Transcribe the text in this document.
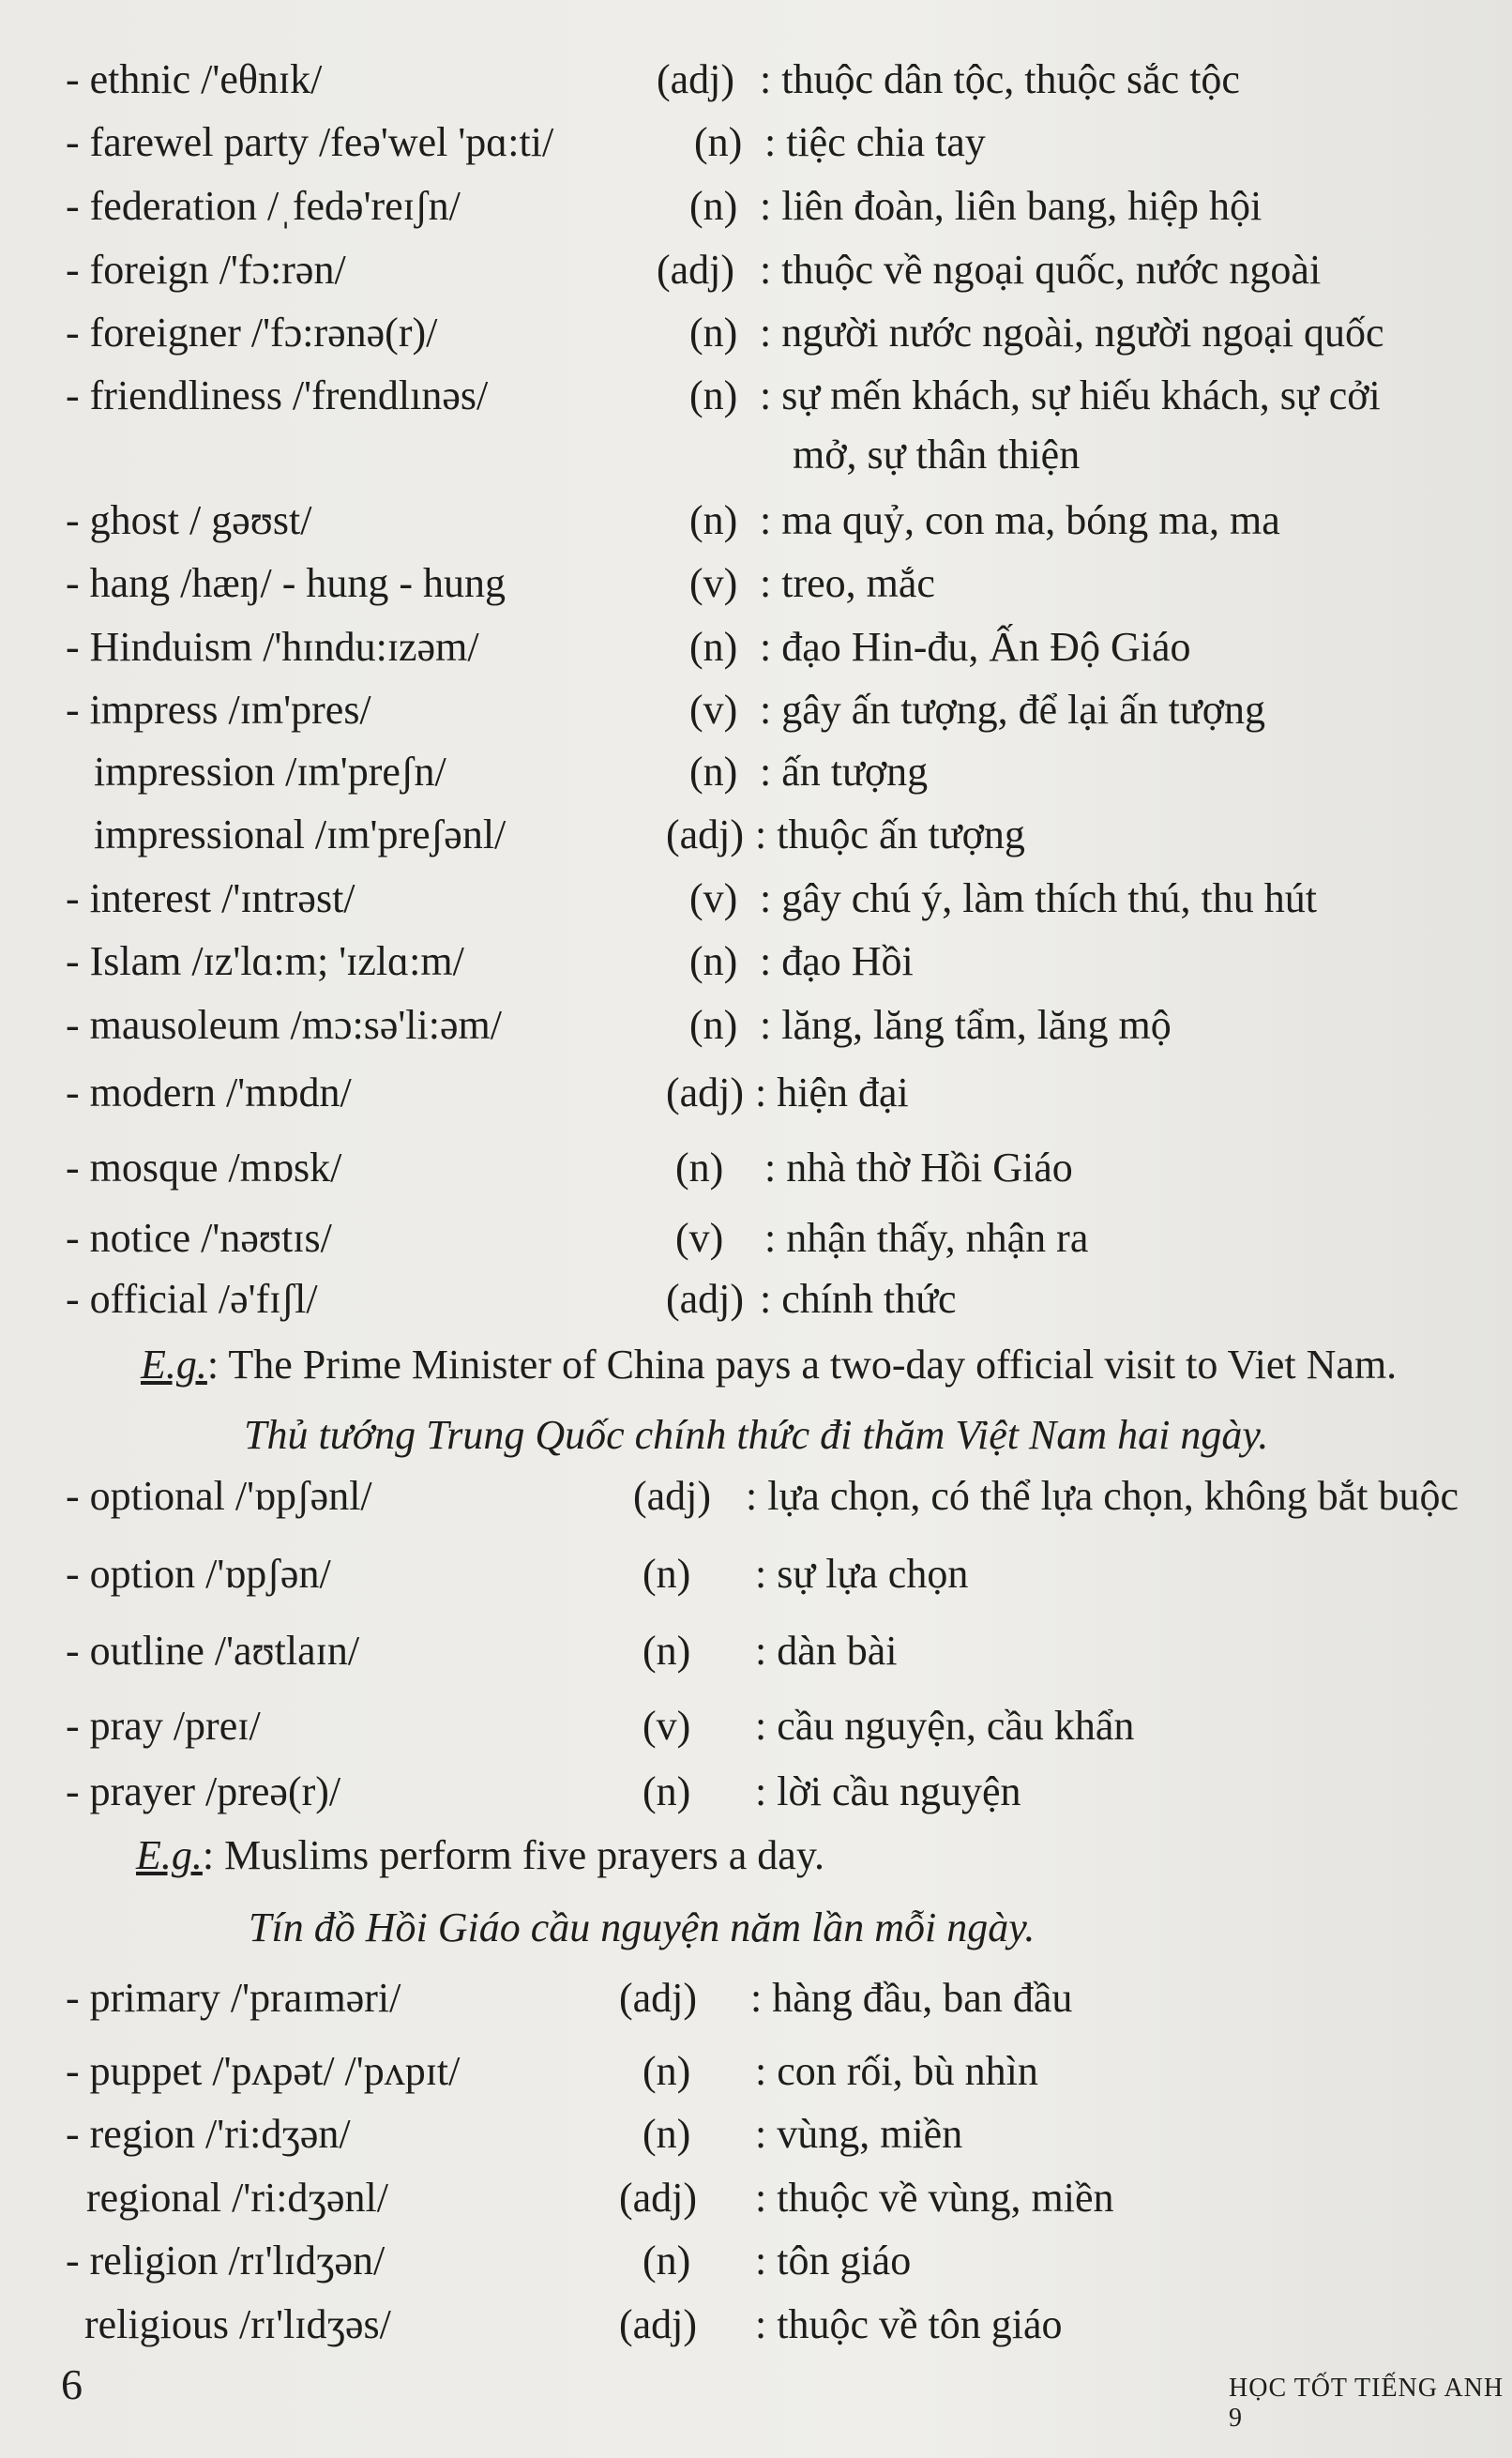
- ethnic /'eθnɪk/	(adj) : thuộc dân tộc, thuộc sắc tộc
- farewel party /feə'wel 'pɑ:ti/	(n) : tiệc chia tay
- federation /ˌfedə'reɪʃn/	(n) : liên đoàn, liên bang, hiệp hội
- foreign /'fɔ:rən/	(adj) : thuộc về ngoại quốc, nước ngoài
- foreigner /'fɔ:rənə(r)/	(n) : người nước ngoài, người ngoại quốc
- friendliness /'frendlınəs/	(n) : sự mến khách, sự hiếu khách, sự cởi
mở, sự thân thiện
- ghost / gəʊst/	(n) : ma quỷ, con ma, bóng ma, ma
- hang /hæŋ/ - hung - hung	(v) : treo, mắc
- Hinduism /'hɪndu:ɪzəm/	(n) : đạo Hin-đu, Ấn Độ Giáo
- impress /ɪm'pres/	(v) : gây ấn tượng, để lại ấn tượng
impression /ɪm'preʃn/	(n) : ấn tượng
impressional /ɪm'preʃənl/	(adj) : thuộc ấn tượng
- interest /'ɪntrəst/	(v) : gây chú ý, làm thích thú, thu hút
- Islam /ɪz'lɑ:m; 'ɪzlɑ:m/	(n) : đạo Hồi
- mausoleum /mɔ:sə'li:əm/	(n) : lăng, lăng tẩm, lăng mộ
- modern /'mɒdn/	(adj) : hiện đại
- mosque /mɒsk/	(n) : nhà thờ Hồi Giáo
- notice /'nəʊtɪs/	(v) : nhận thấy, nhận ra
- official /ə'fɪʃl/	(adj) : chính thức
E.g.: The Prime Minister of China pays a two-day official visit to Viet Nam.
Thủ tướng Trung Quốc chính thức đi thăm Việt Nam hai ngày.
- optional /'ɒpʃənl/	(adj) : lựa chọn, có thể lựa chọn, không bắt buộc
- option /'ɒpʃən/	(n) : sự lựa chọn
- outline /'aʊtlaɪn/	(n) : dàn bài
- pray /preɪ/	(v) : cầu nguyện, cầu khẩn
- prayer /preə(r)/	(n) : lời cầu nguyện
E.g.: Muslims perform five prayers a day.
Tín đồ Hồi Giáo cầu nguyện năm lần mỗi ngày.
- primary /'praɪməri/	(adj) : hàng đầu, ban đầu
- puppet /'pʌpət/ /'pʌpɪt/	(n) : con rối, bù nhìn
- region /'ri:dʒən/	(n) : vùng, miền
regional /'ri:dʒənl/	(adj) : thuộc về vùng, miền
- religion /rɪ'lɪdʒən/	(n) : tôn giáo
religious /rɪ'lɪdʒəs/	(adj) : thuộc về tôn giáo
6	HỌC TỐT TIẾNG ANH 9
